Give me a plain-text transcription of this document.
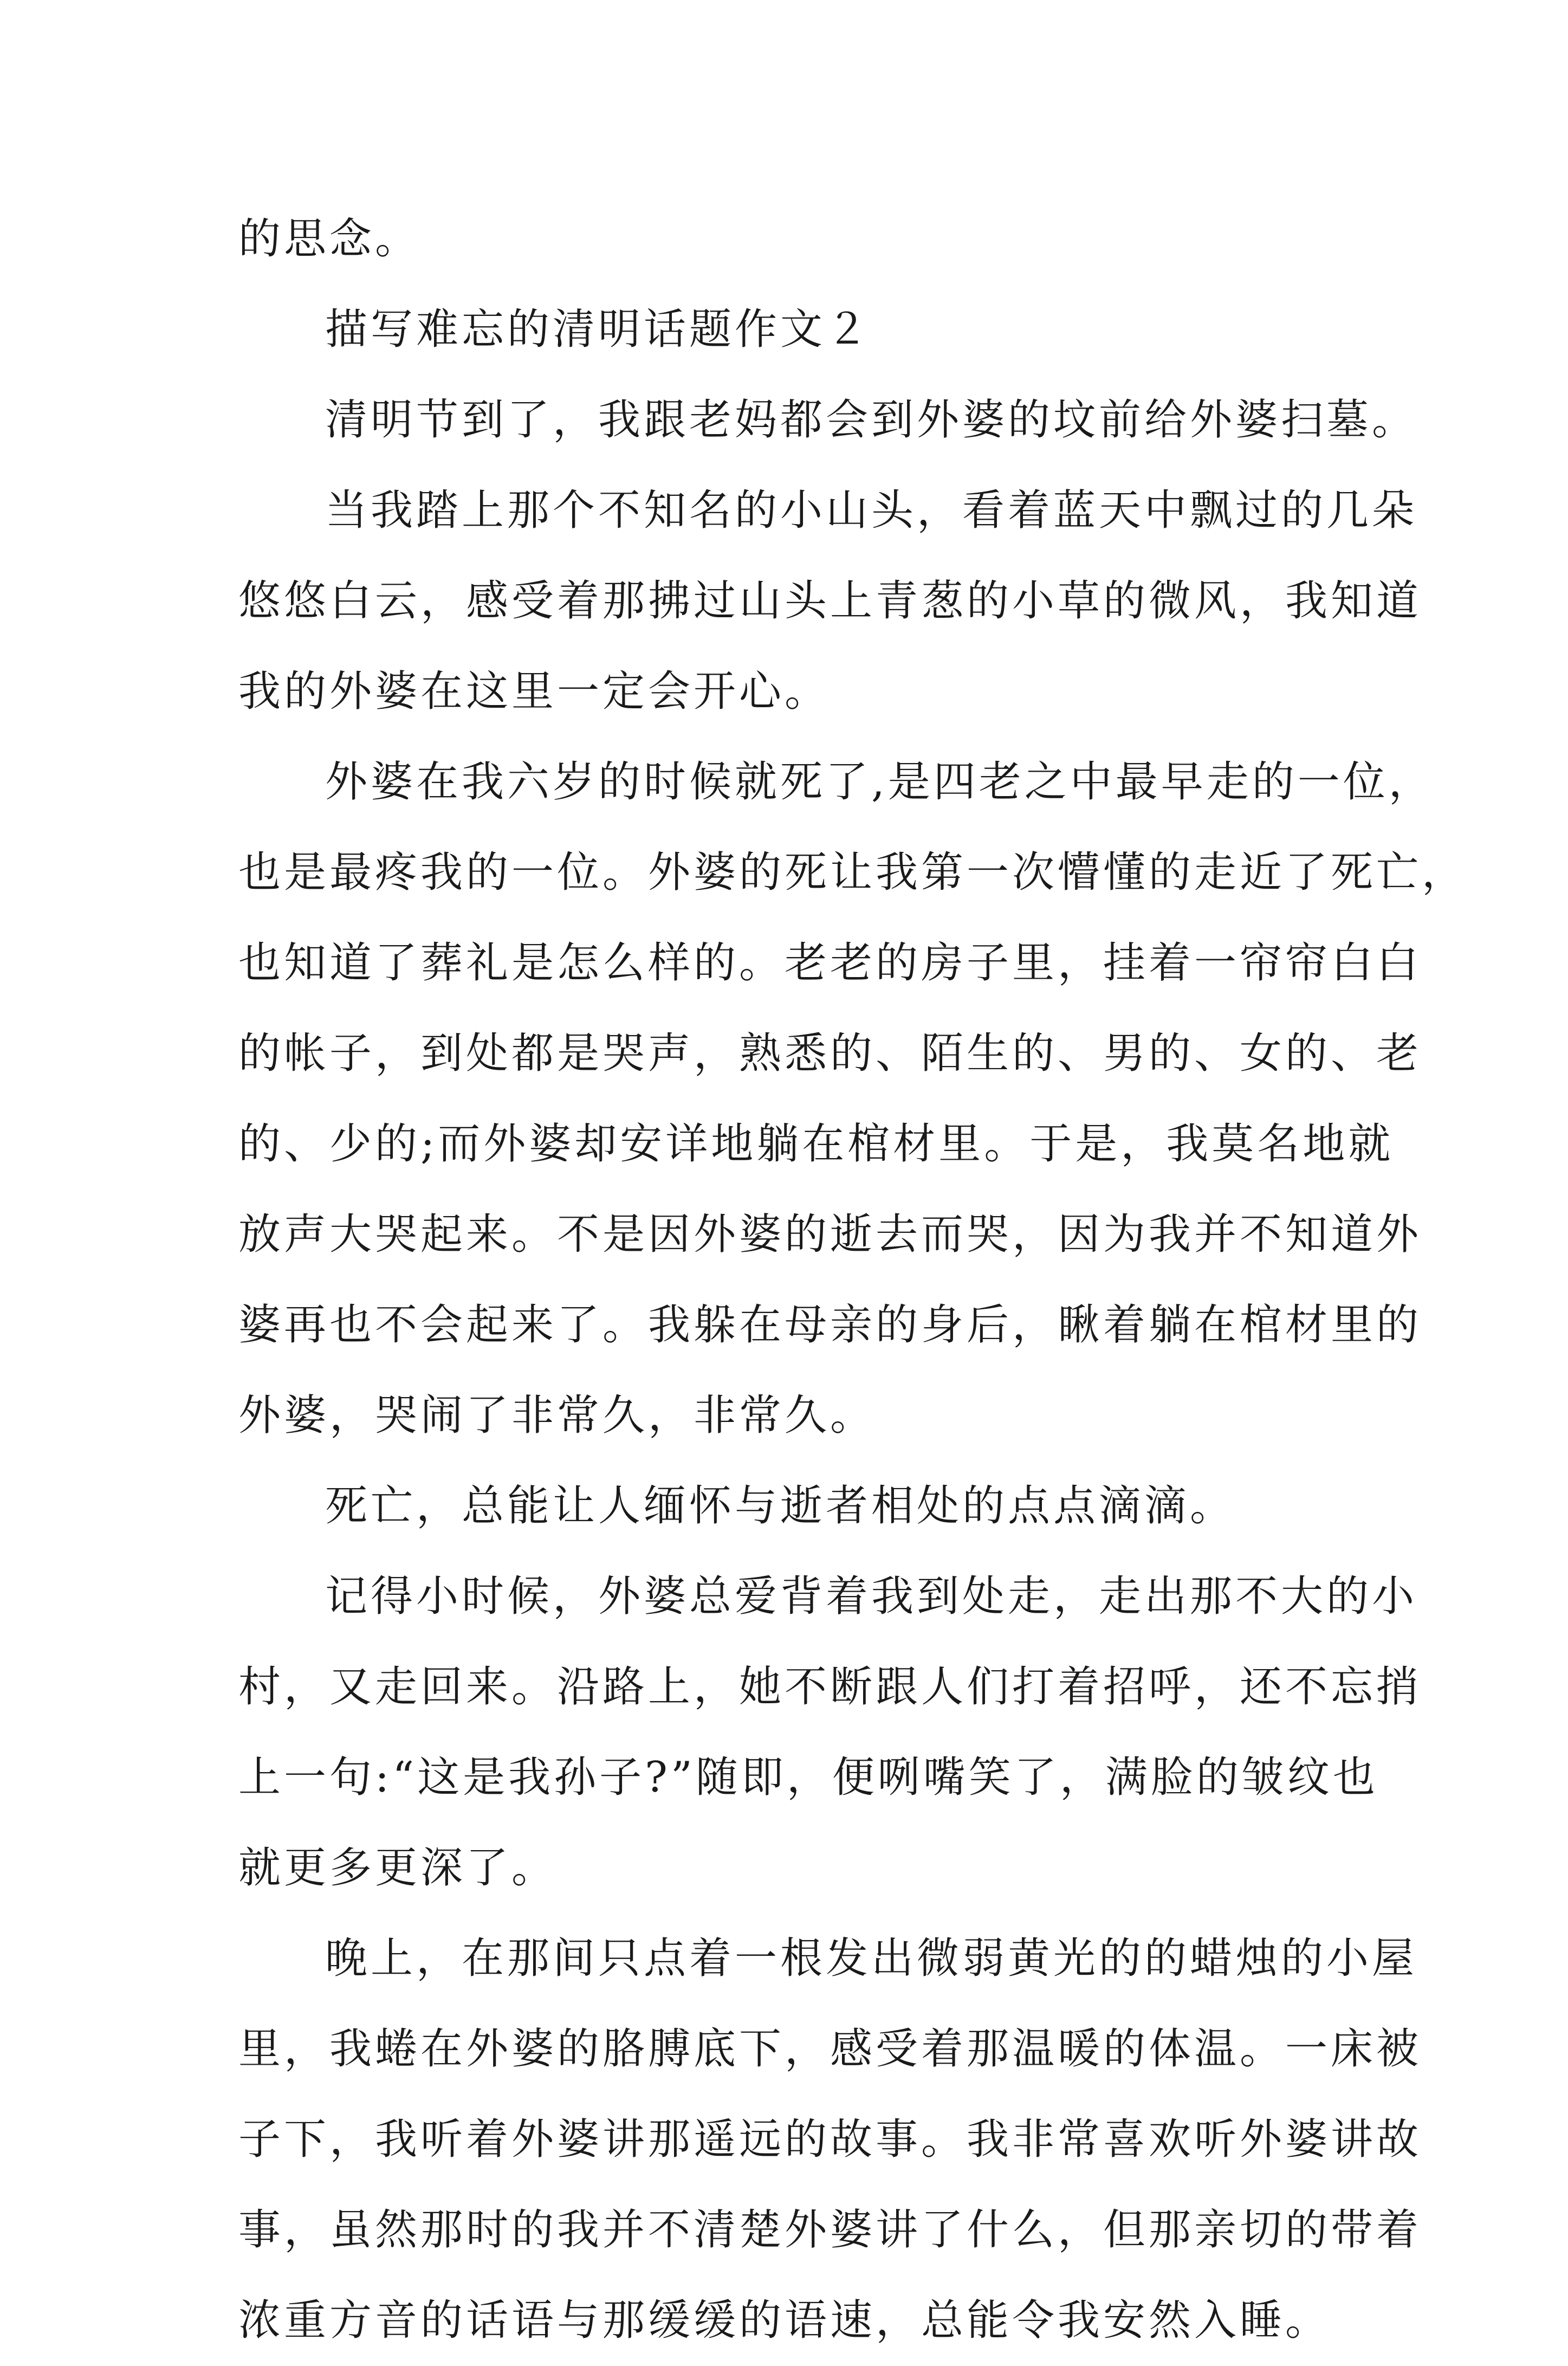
的思念。
描写难忘的清明话题作文２
清明节到了，我跟老妈都会到外婆的坟前给外婆扫墓。
当我踏上那个不知名的小山头，看着蓝天中飘过的几朵
悠悠白云，感受着那拂过山头上青葱的小草的微风，我知道
我的外婆在这里一定会开心。
外婆在我六岁的时候就死了,是四老之中最早走的一位，
也是最疼我的一位。外婆的死让我第一次懵懂的走近了死亡，
也知道了葬礼是怎么样的。老老的房子里，挂着一帘帘白白
的帐子，到处都是哭声，熟悉的、陌生的、男的、女的、老
的、少的;而外婆却安详地躺在棺材里。于是，我莫名地就
放声大哭起来。不是因外婆的逝去而哭，因为我并不知道外
婆再也不会起来了。我躲在母亲的身后，瞅着躺在棺材里的
外婆，哭闹了非常久，非常久。
死亡，总能让人缅怀与逝者相处的点点滴滴。
记得小时候，外婆总爱背着我到处走，走出那不大的小
村，又走回来。沿路上，她不断跟人们打着招呼，还不忘捎
上一句:“这是我孙子?”随即，便咧嘴笑了，满脸的皱纹也
就更多更深了。
晚上，在那间只点着一根发出微弱黄光的的蜡烛的小屋
里，我蜷在外婆的胳膊底下，感受着那温暖的体温。一床被
子下，我听着外婆讲那遥远的故事。我非常喜欢听外婆讲故
事，虽然那时的我并不清楚外婆讲了什么，但那亲切的带着
浓重方音的话语与那缓缓的语速，总能令我安然入睡。
